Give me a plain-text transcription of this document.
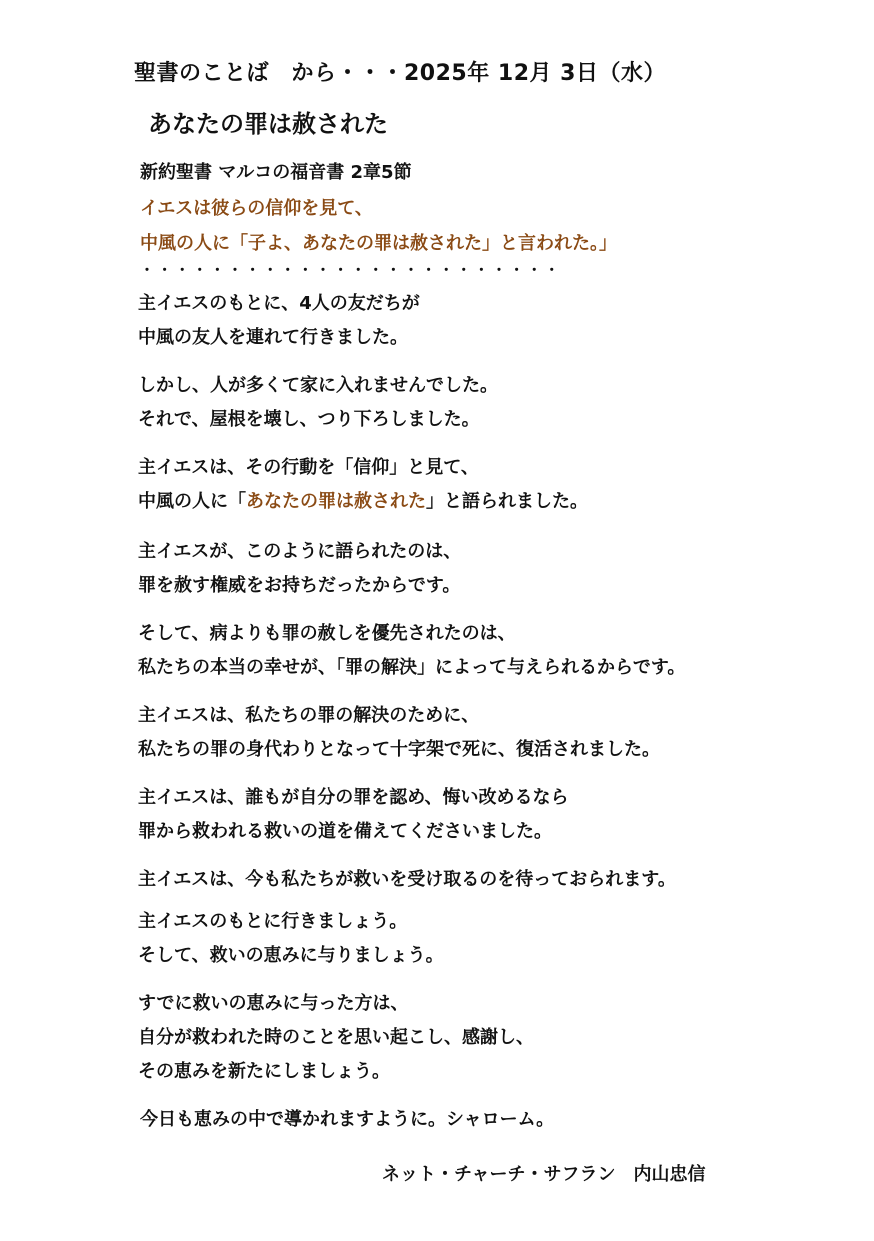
聖書のことば　から・・・2025年 12月 3日（水）
あなたの罪は赦された
新約聖書 マルコの福音書 2章5節
イエスは彼らの信仰を見て、
中風の人に「子よ、あなたの罪は赦された」と言われた。」
・・・・・・・・・・・・・・・・・・・・・・・・
主イエスのもとに、4人の友だちが
中風の友人を連れて行きました。
しかし、人が多くて家に入れませんでした。
それで、屋根を壊し、つり下ろしました。
主イエスは、その行動を「信仰」と見て、
中風の人に「あなたの罪は赦された」と語られました。
主イエスが、このように語られたのは、
罪を赦す権威をお持ちだったからです。
そして、病よりも罪の赦しを優先されたのは、
私たちの本当の幸せが、「罪の解決」によって与えられるからです。
主イエスは、私たちの罪の解決のために、
私たちの罪の身代わりとなって十字架で死に、復活されました。
主イエスは、誰もが自分の罪を認め、悔い改めるなら
罪から救われる救いの道を備えてくださいました。
主イエスは、今も私たちが救いを受け取るのを待っておられます。
主イエスのもとに行きましょう。
そして、救いの恵みに与りましょう。
すでに救いの恵みに与った方は、
自分が救われた時のことを思い起こし、感謝し、
その恵みを新たにしましょう。
今日も恵みの中で導かれますように。シャローム。
ネット・チャーチ・サフラン　内山忠信
